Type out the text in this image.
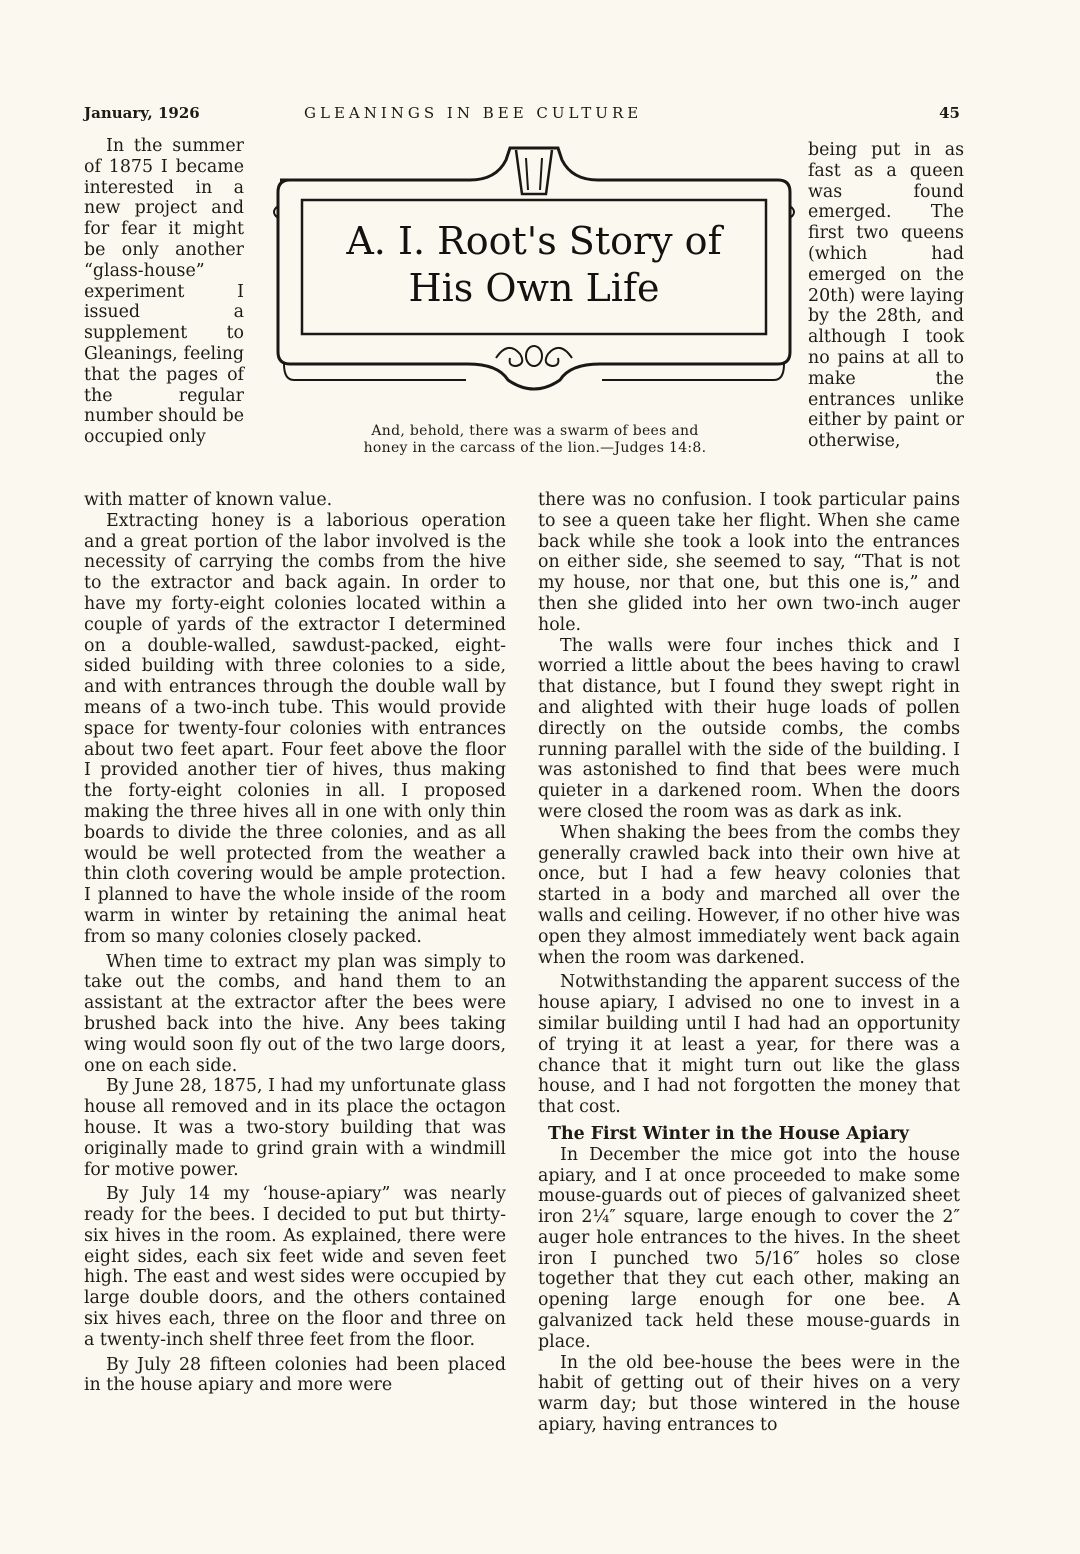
January, 1926	GLEANINGS IN BEE CULTURE	45
A. I. Root's Story of
His Own Life
And, behold, there was a swarm of bees and
honey in the carcass of the lion.—Judges 14:8.

In the summer of 1875 I became interested in a new project and for fear it might be only another “glass-house” experiment I issued a supplement to Gleanings, feeling that the pages of the regular number should be occupied only

being put in as fast as a queen was found emerged. The first two queens (which had emerged on the 20th) were laying by the 28th, and although I took no pains at all to make the entrances unlike either by paint or otherwise,

with matter of known value.

Extracting honey is a laborious operation and a great portion of the labor involved is the necessity of carrying the combs from the hive to the extractor and back again. In order to have my forty-eight colonies located within a couple of yards of the extractor I determined on a double-walled, sawdust-packed, eight-sided building with three colonies to a side, and with entrances through the double wall by means of a two-inch tube. This would provide space for twenty-four colonies with entrances about two feet apart. Four feet above the floor I provided another tier of hives, thus making the forty-eight colonies in all. I proposed making the three hives all in one with only thin boards to divide the three colonies, and as all would be well protected from the weather a thin cloth covering would be ample protection. I planned to have the whole inside of the room warm in winter by retaining the animal heat from so many colonies closely packed.

When time to extract my plan was simply to take out the combs, and hand them to an assistant at the extractor after the bees were brushed back into the hive. Any bees taking wing would soon fly out of the two large doors, one on each side.

By June 28, 1875, I had my unfortunate glass house all removed and in its place the octagon house. It was a two-story building that was originally made to grind grain with a windmill for motive power.

By July 14 my ‘house-apiary” was nearly ready for the bees. I decided to put but thirty-six hives in the room. As explained, there were eight sides, each six feet wide and seven feet high. The east and west sides were occupied by large double doors, and the others contained six hives each, three on the floor and three on a twenty-inch shelf three feet from the floor.

By July 28 fifteen colonies had been placed in the house apiary and more were

there was no confusion. I took particular pains to see a queen take her flight. When she came back while she took a look into the entrances on either side, she seemed to say, “That is not my house, nor that one, but this one is,” and then she glided into her own two-inch auger hole.

The walls were four inches thick and I worried a little about the bees having to crawl that distance, but I found they swept right in and alighted with their huge loads of pollen directly on the outside combs, the combs running parallel with the side of the building. I was astonished to find that bees were much quieter in a darkened room. When the doors were closed the room was as dark as ink.

When shaking the bees from the combs they generally crawled back into their own hive at once, but I had a few heavy colonies that started in a body and marched all over the walls and ceiling. However, if no other hive was open they almost immediately went back again when the room was darkened.

Notwithstanding the apparent success of the house apiary, I advised no one to invest in a similar building until I had had an opportunity of trying it at least a year, for there was a chance that it might turn out like the glass house, and I had not forgotten the money that that cost.

The First Winter in the House Apiary

In December the mice got into the house apiary, and I at once proceeded to make some mouse-guards out of pieces of galvanized sheet iron 2¼″ square, large enough to cover the 2″ auger hole entrances to the hives. In the sheet iron I punched two 5/16″ holes so close together that they cut each other, making an opening large enough for one bee. A galvanized tack held these mouse-guards in place.

In the old bee-house the bees were in the habit of getting out of their hives on a very warm day; but those wintered in the house apiary, having entrances to
